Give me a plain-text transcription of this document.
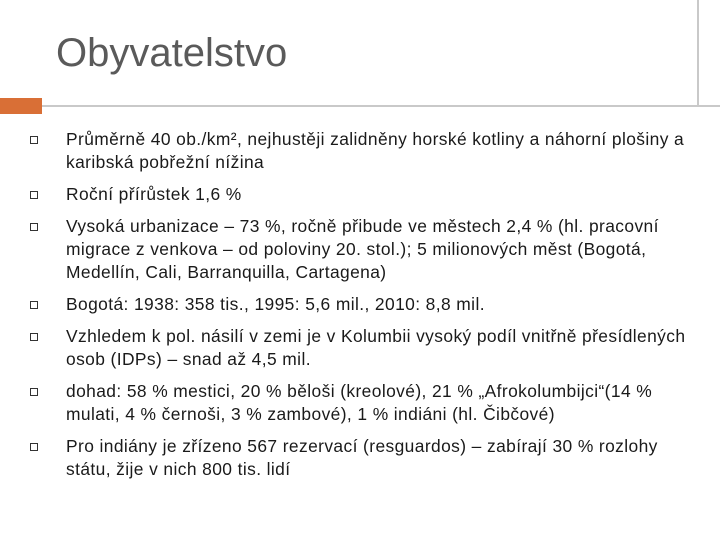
Obyvatelstvo
Průměrně 40 ob./km², nejhustěji zalidněny horské kotliny a náhorní plošiny a karibská pobřežní nížina
Roční přírůstek 1,6 %
Vysoká urbanizace – 73 %, ročně přibude ve městech 2,4 % (hl. pracovní migrace z venkova – od poloviny 20. stol.); 5 milionových měst (Bogotá, Medellín, Cali, Barranquilla, Cartagena)
Bogotá: 1938: 358 tis., 1995: 5,6 mil., 2010: 8,8 mil.
Vzhledem k pol. násilí v zemi je v Kolumbii vysoký podíl vnitřně přesídlených osob (IDPs) – snad až 4,5 mil.
dohad: 58 % mestici, 20 % běloši (kreolové), 21 % „Afrokolumbijci“(14 % mulati, 4 % černoši, 3 % zambové), 1 % indiáni (hl. Čibčové)
Pro indiány je zřízeno 567 rezervací (resguardos) – zabírají 30 % rozlohy státu, žije v nich 800 tis. lidí
